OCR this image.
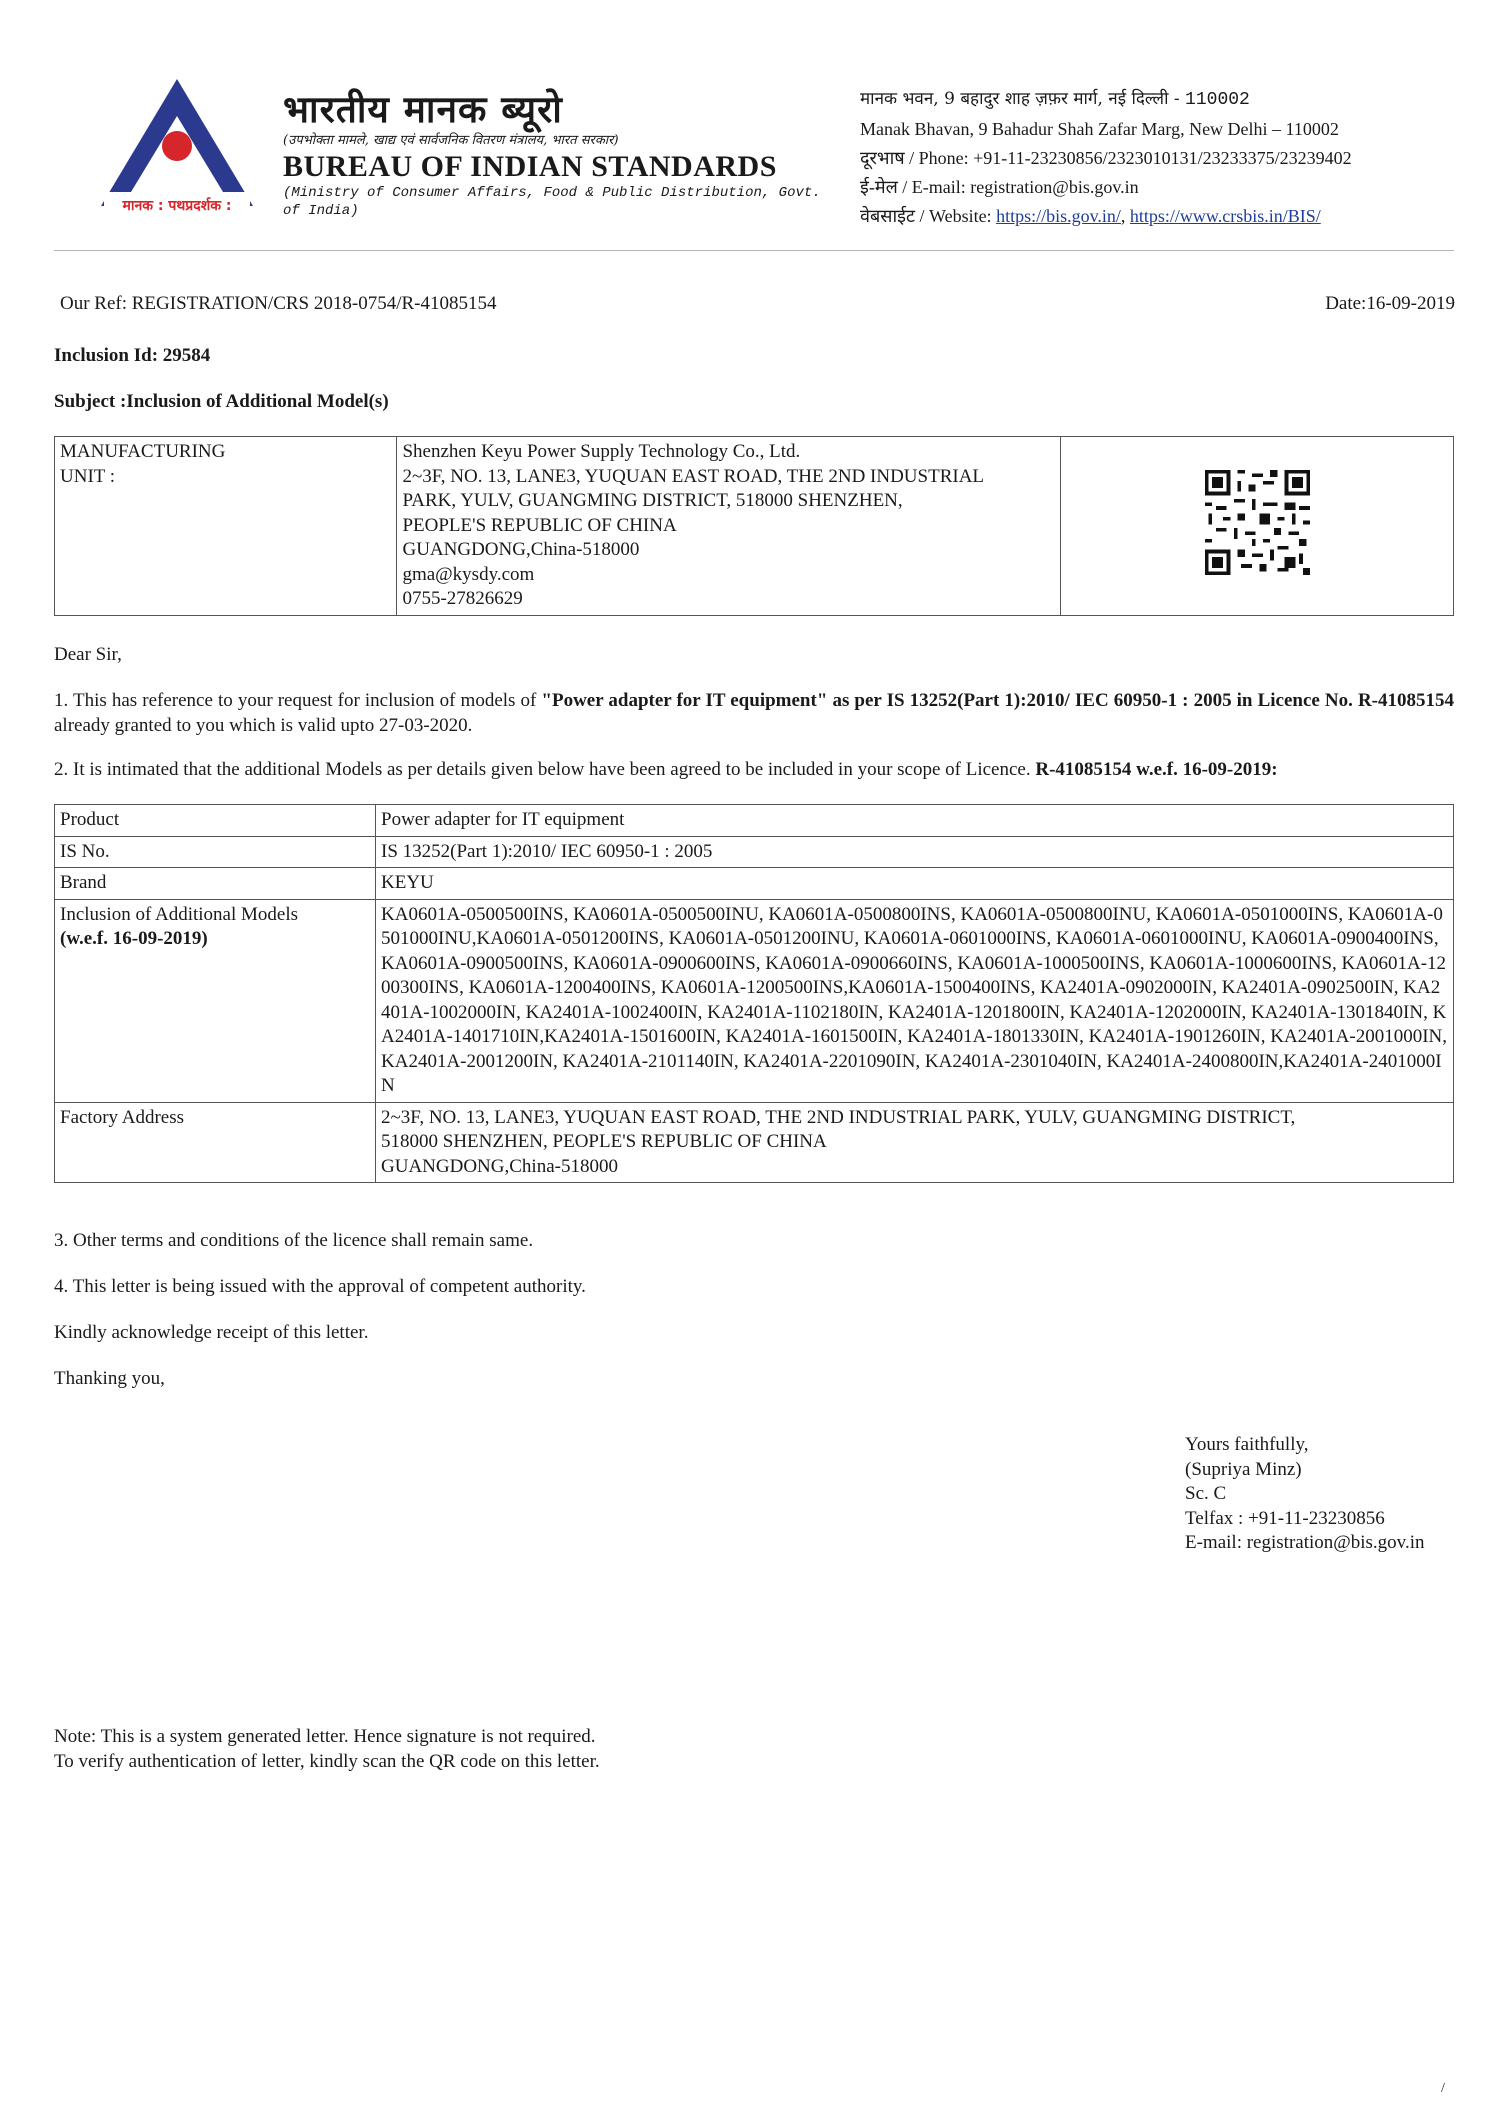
मानक : पथप्रदर्शक :
भारतीय मानक ब्यूरो
(उपभोक्ता मामले, खाद्य एवं सार्वजनिक वितरण मंत्रालय, भारत सरकार)
BUREAU OF INDIAN STANDARDS
(Ministry of Consumer Affairs, Food & Public Distribution, Govt. of India)
मानक भवन, 9 बहादुर शाह ज़फ़र मार्ग, नई दिल्ली - 110002
Manak Bhavan, 9 Bahadur Shah Zafar Marg, New Delhi – 110002
दूरभाष / Phone: +91-11-23230856/2323010131/23233375/23239402
ई-मेल / E-mail: registration@bis.gov.in
वेबसाईट / Website: https://bis.gov.in/, https://www.crsbis.in/BIS/
Our Ref: REGISTRATION/CRS 2018-0754/R-41085154	Date:16-09-2019
Inclusion Id: 29584
Subject :Inclusion of Additional Model(s)
MANUFACTURING
UNIT :

Shenzhen Keyu Power Supply Technology Co., Ltd.
2~3F, NO. 13, LANE3, YUQUAN EAST ROAD, THE 2ND INDUSTRIAL
PARK, YULV, GUANGMING DISTRICT, 518000 SHENZHEN,
PEOPLE'S REPUBLIC OF CHINA
GUANGDONG,China-518000
gma@kysdy.com
0755-27826629

Dear Sir,
1. This has reference to your request for inclusion of models of "Power adapter for IT equipment" as per IS 13252(Part 1):2010/ IEC 60950-1 : 2005 in Licence No. R-41085154 already granted to you which is valid upto 27-03-2020.
2. It is intimated that the additional Models as per details given below have been agreed to be included in your scope of Licence. R-41085154 w.e.f. 16-09-2019:
Product	Power adapter for IT equipment
IS No.	IS 13252(Part 1):2010/ IEC 60950-1 : 2005
Brand	KEYU

Inclusion of Additional Models
(w.e.f. 16-09-2019)	KA0601A-0500500INS, KA0601A-0500500INU, KA0601A-0500800INS, KA0601A-0500800INU, KA0601A-0501000INS, KA0601A-0501000INU,KA0601A-0501200INS, KA0601A-0501200INU, KA0601A-0601000INS, KA0601A-0601000INU, KA0601A-0900400INS, KA0601A-0900500INS, KA0601A-0900600INS, KA0601A-0900660INS, KA0601A-1000500INS, KA0601A-1000600INS, KA0601A-1200300INS, KA0601A-1200400INS, KA0601A-1200500INS,KA0601A-1500400INS, KA2401A-0902000IN, KA2401A-0902500IN, KA2401A-1002000IN, KA2401A-1002400IN, KA2401A-1102180IN, KA2401A-1201800IN, KA2401A-1202000IN, KA2401A-1301840IN, KA2401A-1401710IN,KA2401A-1501600IN, KA2401A-1601500IN, KA2401A-1801330IN, KA2401A-1901260IN, KA2401A-2001000IN, KA2401A-2001200IN, KA2401A-2101140IN, KA2401A-2201090IN, KA2401A-2301040IN, KA2401A-2400800IN,KA2401A-2401000IN
Factory Address	2~3F, NO. 13, LANE3, YUQUAN EAST ROAD, THE 2ND INDUSTRIAL PARK, YULV, GUANGMING DISTRICT,
518000 SHENZHEN, PEOPLE'S REPUBLIC OF CHINA
GUANGDONG,China-518000
3. Other terms and conditions of the licence shall remain same.
4. This letter is being issued with the approval of competent authority.
Kindly acknowledge receipt of this letter.
Thanking you,
Yours faithfully,
(Supriya Minz)
Sc. C
Telfax : +91-11-23230856
E-mail: registration@bis.gov.in
Note: This is a system generated letter. Hence signature is not required.
To verify authentication of letter, kindly scan the QR code on this letter.
/
